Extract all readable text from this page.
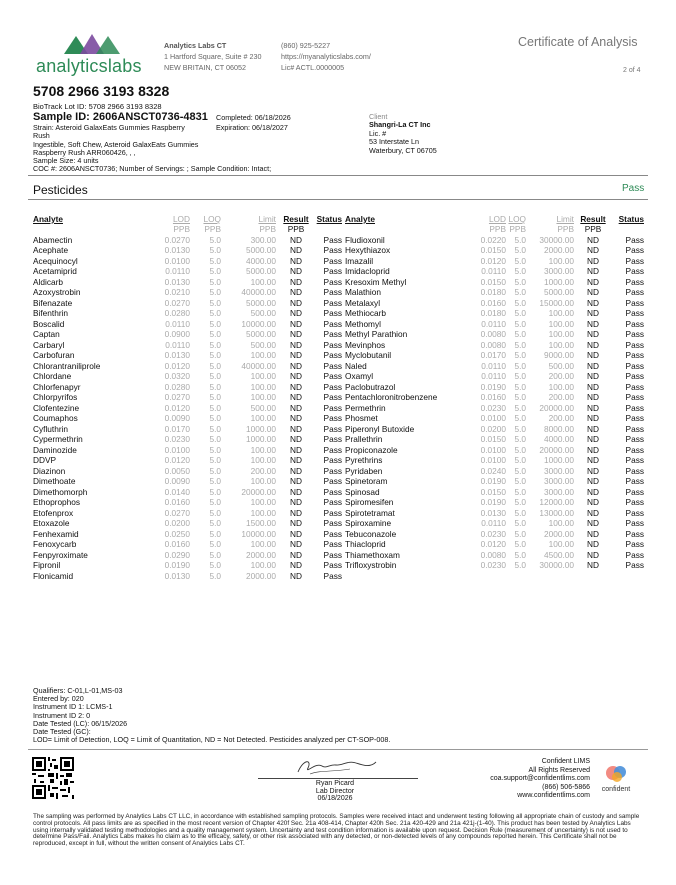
analyticslabs
Analytics Labs CT
1 Hartford Square, Suite # 230
NEW BRITAIN, CT 06052
(860) 925-5227
https://myanalyticslabs.com/
Lic# ACTL.0000005
Certificate of Analysis
2 of 4
5708 2966 3193 8328
BioTrack Lot ID: 5708 2966 3193 8328
Sample ID: 2606ANSCT0736-4831 Completed: 06/18/2026
Expiration: 06/18/2027
Strain: Asteroid GalaxEats Gummies Raspberry
Rush
Ingestible, Soft Chew, Asteroid GalaxEats Gummies
Raspberry Rush ARR060426, , ,
Client
Shangri-La CT Inc
Lic. #
53 Interstate Ln
Waterbury, CT 06705
Sample Size: 4 units
COC #: 2606ANSCT0736; Number of Servings: ; Sample Condition: Intact;
Pesticides	Pass
Analyte	LOD	LOQ	Limit	Result	Status
	PPB	PPB	PPB	PPB	
Abamectin	0.0270	5.0	300.00	ND	Pass
Acephate	0.0130	5.0	5000.00	ND	Pass
Acequinocyl	0.0100	5.0	4000.00	ND	Pass
Acetamiprid	0.0110	5.0	5000.00	ND	Pass
Aldicarb	0.0130	5.0	100.00	ND	Pass
Azoxystrobin	0.0210	5.0	40000.00	ND	Pass
Bifenazate	0.0270	5.0	5000.00	ND	Pass
Bifenthrin	0.0280	5.0	500.00	ND	Pass
Boscalid	0.0110	5.0	10000.00	ND	Pass
Captan	0.0900	5.0	5000.00	ND	Pass
Carbaryl	0.0110	5.0	500.00	ND	Pass
Carbofuran	0.0130	5.0	100.00	ND	Pass
Chlorantraniliprole	0.0120	5.0	40000.00	ND	Pass
Chlordane	0.0320	5.0	100.00	ND	Pass
Chlorfenapyr	0.0280	5.0	100.00	ND	Pass
Chlorpyrifos	0.0270	5.0	100.00	ND	Pass
Clofentezine	0.0120	5.0	500.00	ND	Pass
Coumaphos	0.0090	5.0	100.00	ND	Pass
Cyfluthrin	0.0170	5.0	1000.00	ND	Pass
Cypermethrin	0.0230	5.0	1000.00	ND	Pass
Daminozide	0.0100	5.0	100.00	ND	Pass
DDVP	0.0120	5.0	100.00	ND	Pass
Diazinon	0.0050	5.0	200.00	ND	Pass
Dimethoate	0.0090	5.0	100.00	ND	Pass
Dimethomorph	0.0140	5.0	20000.00	ND	Pass
Ethoprophos	0.0160	5.0	100.00	ND	Pass
Etofenprox	0.0270	5.0	100.00	ND	Pass
Etoxazole	0.0200	5.0	1500.00	ND	Pass
Fenhexamid	0.0250	5.0	10000.00	ND	Pass
Fenoxycarb	0.0160	5.0	100.00	ND	Pass
Fenpyroximate	0.0290	5.0	2000.00	ND	Pass
Fipronil	0.0190	5.0	100.00	ND	Pass
Flonicamid	0.0130	5.0	2000.00	ND	Pass
Analyte	LOD	LOQ	Limit	Result	Status
	PPB	PPB	PPB	PPB	
Fludioxonil	0.0220	5.0	30000.00	ND	Pass
Hexythiazox	0.0150	5.0	2000.00	ND	Pass
Imazalil	0.0120	5.0	100.00	ND	Pass
Imidacloprid	0.0110	5.0	3000.00	ND	Pass
Kresoxim Methyl	0.0150	5.0	1000.00	ND	Pass
Malathion	0.0180	5.0	5000.00	ND	Pass
Metalaxyl	0.0160	5.0	15000.00	ND	Pass
Methiocarb	0.0180	5.0	100.00	ND	Pass
Methomyl	0.0110	5.0	100.00	ND	Pass
Methyl Parathion	0.0080	5.0	100.00	ND	Pass
Mevinphos	0.0080	5.0	100.00	ND	Pass
Myclobutanil	0.0170	5.0	9000.00	ND	Pass
Naled	0.0110	5.0	500.00	ND	Pass
Oxamyl	0.0110	5.0	200.00	ND	Pass
Paclobutrazol	0.0190	5.0	100.00	ND	Pass
Pentachloronitrobenzene	0.0160	5.0	200.00	ND	Pass
Permethrin	0.0230	5.0	20000.00	ND	Pass
Phosmet	0.0100	5.0	200.00	ND	Pass
Piperonyl Butoxide	0.0200	5.0	8000.00	ND	Pass
Prallethrin	0.0150	5.0	4000.00	ND	Pass
Propiconazole	0.0100	5.0	20000.00	ND	Pass
Pyrethrins	0.0100	5.0	1000.00	ND	Pass
Pyridaben	0.0240	5.0	3000.00	ND	Pass
Spinetoram	0.0190	5.0	3000.00	ND	Pass
Spinosad	0.0150	5.0	3000.00	ND	Pass
Spiromesifen	0.0190	5.0	12000.00	ND	Pass
Spirotetramat	0.0130	5.0	13000.00	ND	Pass
Spiroxamine	0.0110	5.0	100.00	ND	Pass
Tebuconazole	0.0230	5.0	2000.00	ND	Pass
Thiacloprid	0.0120	5.0	100.00	ND	Pass
Thiamethoxam	0.0080	5.0	4500.00	ND	Pass
Trifloxystrobin	0.0230	5.0	30000.00	ND	Pass
Qualifiers: C-01,L-01,MS-03
Entered by: 020
Instrument ID 1: LCMS-1
Instrument ID 2: 0
Date Tested (LC): 06/15/2026
Date Tested (GC):
LOD= Limit of Detection, LOQ = Limit of Quantitation, ND = Not Detected. Pesticides analyzed per CT-SOP-008.
Ryan Picard
Lab Director
06/18/2026
Confident LIMS
All Rights Reserved
coa.support@confidentlims.com
(866) 506-5866
www.confidentlims.com
confident
The sampling was performed by Analytics Labs CT LLC, in accordance with established sampling protocols. Samples were received intact and underwent testing following all appropriate chain of custody and sample control protocols. All pass limits are as specified in the most recent version of Chapter 420f Sec. 21a 408-414, Chapter 420h Sec. 21a 420-429 and 21a 421j-(1-40). This product has been tested by Analytics Labs using internally validated testing methodologies and a quality management system. Uncertainty and test condition information is available upon request. Decision Rule (measurement of uncertainty) is not used to determine Pass/Fail. Analytics Labs makes no claim as to the efficacy, safety, or other risk associated with any detected, or non-detected levels of any compounds reported herein. This Certificate shall not be reproduced, except in full, without the written consent of Analytics Labs CT.
